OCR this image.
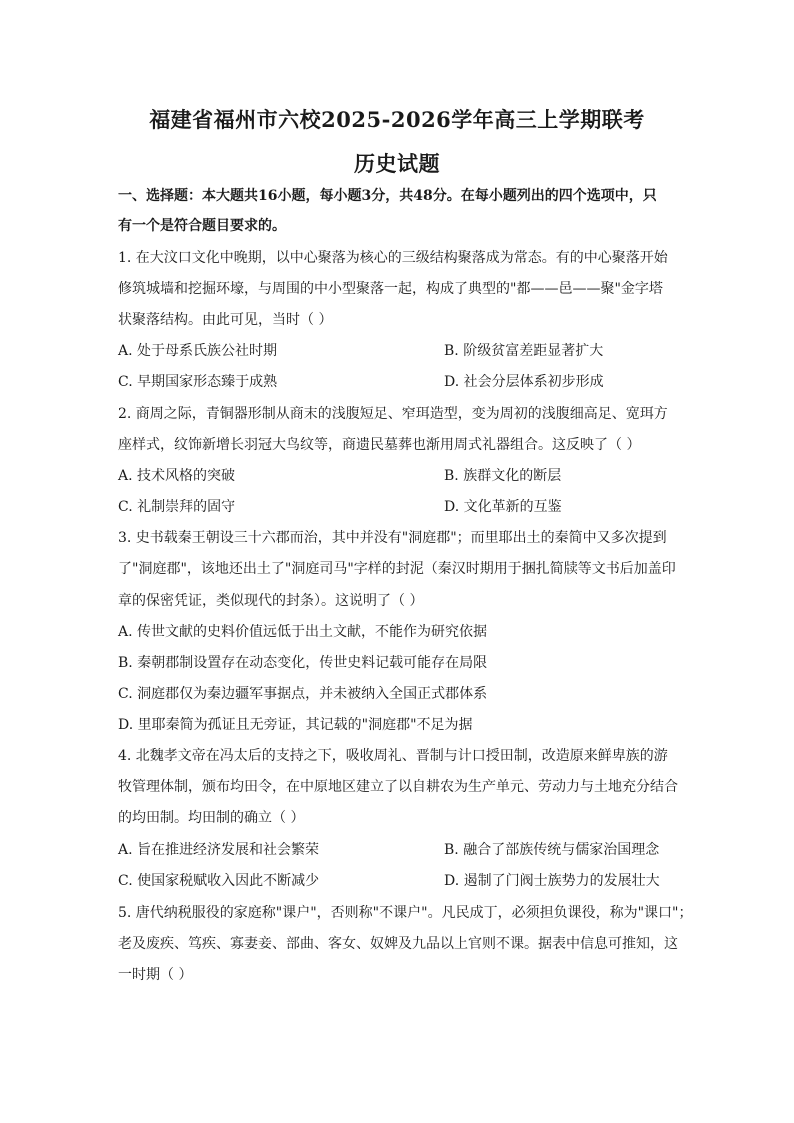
福建省福州市六校2025-2026学年高三上学期联考
历史试题
一、选择题：本大题共16小题，每小题3分，共48分。在每小题列出的四个选项中，只
有一个是符合题目要求的。
1. 在大汶口文化中晚期，以中心聚落为核心的三级结构聚落成为常态。有的中心聚落开始
修筑城墙和挖掘环壕，与周围的中小型聚落一起，构成了典型的"都——邑——聚"金字塔
状聚落结构。由此可见，当时（ ）
A. 处于母系氏族公社时期	B. 阶级贫富差距显著扩大
C. 早期国家形态臻于成熟	D. 社会分层体系初步形成
2. 商周之际，青铜器形制从商末的浅腹短足、窄珥造型，变为周初的浅腹细高足、宽珥方
座样式，纹饰新增长羽冠大鸟纹等，商遗民墓葬也渐用周式礼器组合。这反映了（ ）
A. 技术风格的突破	B. 族群文化的断层
C. 礼制崇拜的固守	D. 文化革新的互鉴
3. 史书载秦王朝设三十六郡而治，其中并没有"洞庭郡"；而里耶出土的秦简中又多次提到
了"洞庭郡"，该地还出土了"洞庭司马"字样的封泥（秦汉时期用于捆扎简牍等文书后加盖印
章的保密凭证，类似现代的封条）。这说明了（ ）
A. 传世文献的史料价值远低于出土文献，不能作为研究依据
B. 秦朝郡制设置存在动态变化，传世史料记载可能存在局限
C. 洞庭郡仅为秦边疆军事据点，并未被纳入全国正式郡体系
D. 里耶秦简为孤证且无旁证，其记载的"洞庭郡"不足为据
4. 北魏孝文帝在冯太后的支持之下，吸收周礼、晋制与计口授田制，改造原来鲜卑族的游
牧管理体制，颁布均田令，在中原地区建立了以自耕农为生产单元、劳动力与土地充分结合
的均田制。均田制的确立（ ）
A. 旨在推进经济发展和社会繁荣	B. 融合了部族传统与儒家治国理念
C. 使国家税赋收入因此不断减少	D. 遏制了门阀士族势力的发展壮大
5. 唐代纳税服役的家庭称"课户"，否则称"不课户"。凡民成丁，必须担负课役，称为"课口"；
老及废疾、笃疾、寡妻妾、部曲、客女、奴婢及九品以上官则不课。据表中信息可推知，这
一时期（ ）
